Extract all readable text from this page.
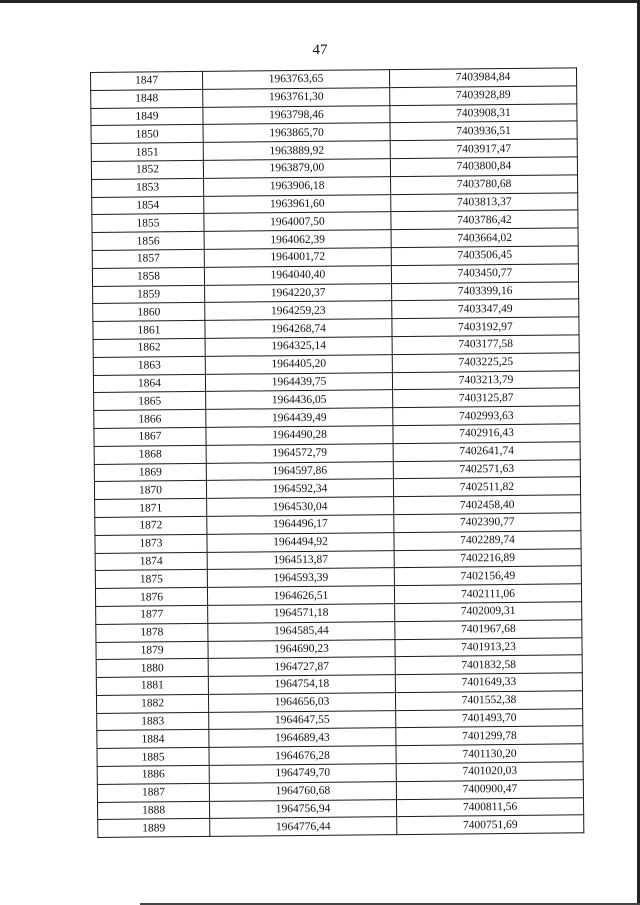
47
1847	1963763,65	7403984,84
1848	1963761,30	7403928,89
1849	1963798,46	7403908,31
1850	1963865,70	7403936,51
1851	1963889,92	7403917,47
1852	1963879,00	7403800,84
1853	1963906,18	7403780,68
1854	1963961,60	7403813,37
1855	1964007,50	7403786,42
1856	1964062,39	7403664,02
1857	1964001,72	7403506,45
1858	1964040,40	7403450,77
1859	1964220,37	7403399,16
1860	1964259,23	7403347,49
1861	1964268,74	7403192,97
1862	1964325,14	7403177,58
1863	1964405,20	7403225,25
1864	1964439,75	7403213,79
1865	1964436,05	7403125,87
1866	1964439,49	7402993,63
1867	1964490,28	7402916,43
1868	1964572,79	7402641,74
1869	1964597,86	7402571,63
1870	1964592,34	7402511,82
1871	1964530,04	7402458,40
1872	1964496,17	7402390,77
1873	1964494,92	7402289,74
1874	1964513,87	7402216,89
1875	1964593,39	7402156,49
1876	1964626,51	7402111,06
1877	1964571,18	7402009,31
1878	1964585,44	7401967,68
1879	1964690,23	7401913,23
1880	1964727,87	7401832,58
1881	1964754,18	7401649,33
1882	1964656,03	7401552,38
1883	1964647,55	7401493,70
1884	1964689,43	7401299,78
1885	1964676,28	7401130,20
1886	1964749,70	7401020,03
1887	1964760,68	7400900,47
1888	1964756,94	7400811,56
1889	1964776,44	7400751,69
